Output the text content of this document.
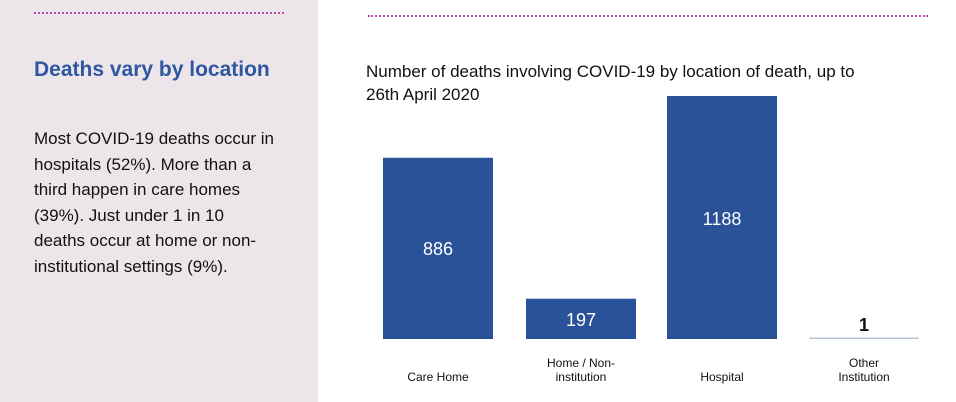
Deaths vary by location
Most COVID-19 deaths occur in hospitals (52%). More than a third happen in care homes (39%). Just under 1 in 10 deaths occur at home or non-institutional settings (9%).
Number of deaths involving COVID-19 by location of death, up to 26th April 2020
886
Care Home
197
Home / Non-institution
1188
Hospital
1
Other Institution
